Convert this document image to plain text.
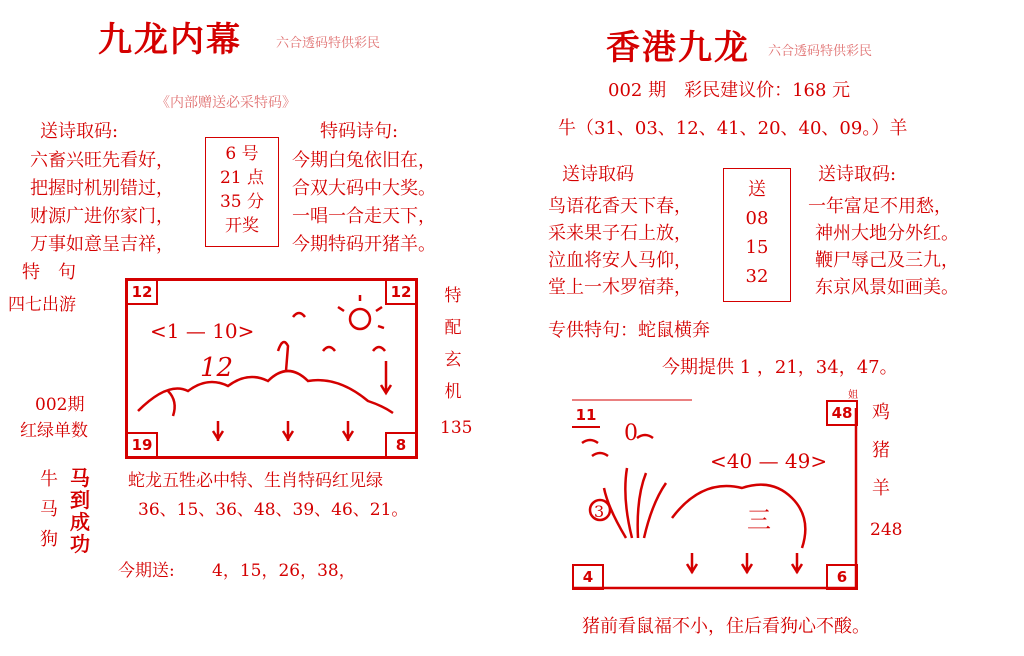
九龙内幕	六合透码特供彩民
《内部赠送必采特码》
送诗取码:	特码诗句:
六畜兴旺先看好，
把握时机别错过，
财源广进你家门，
万事如意呈吉祥，
6 号
21 点
35 分
开奖
今期白兔依旧在，
合双大码中大奖。
一唱一合走天下，
今期特码开猪羊。
特　句
四七出游
<1 — 10>
12
12	12
19	8
特
配
玄
机
135
002期
红绿单数
牛
马
狗
马
到
成
功
蛇龙五牲必中特、生肖特码红见绿
36、15、36、48、39、46、21。
今期送: 4，15，26，38，
香港九龙 六合透码特供彩民
002 期　彩民建议价：168 元
牛（31、03、12、41、20、40、09。）羊
送诗取码	送诗取码:
鸟语花香天下春，
采来果子石上放，
泣血将安人马仰，
堂上一木罗宿莽，
送
08
15
32
一年富足不用愁，
神州大地分外红。
鞭尸辱己及三九，
东京风景如画美。
专供特句：蛇鼠横奔
今期提供 1 ，21，34，47。
0
<40 — 49>
三
3
11	48
4	6
姐
鸡
猪
羊
248
猪前看鼠福不小，住后看狗心不酸。
